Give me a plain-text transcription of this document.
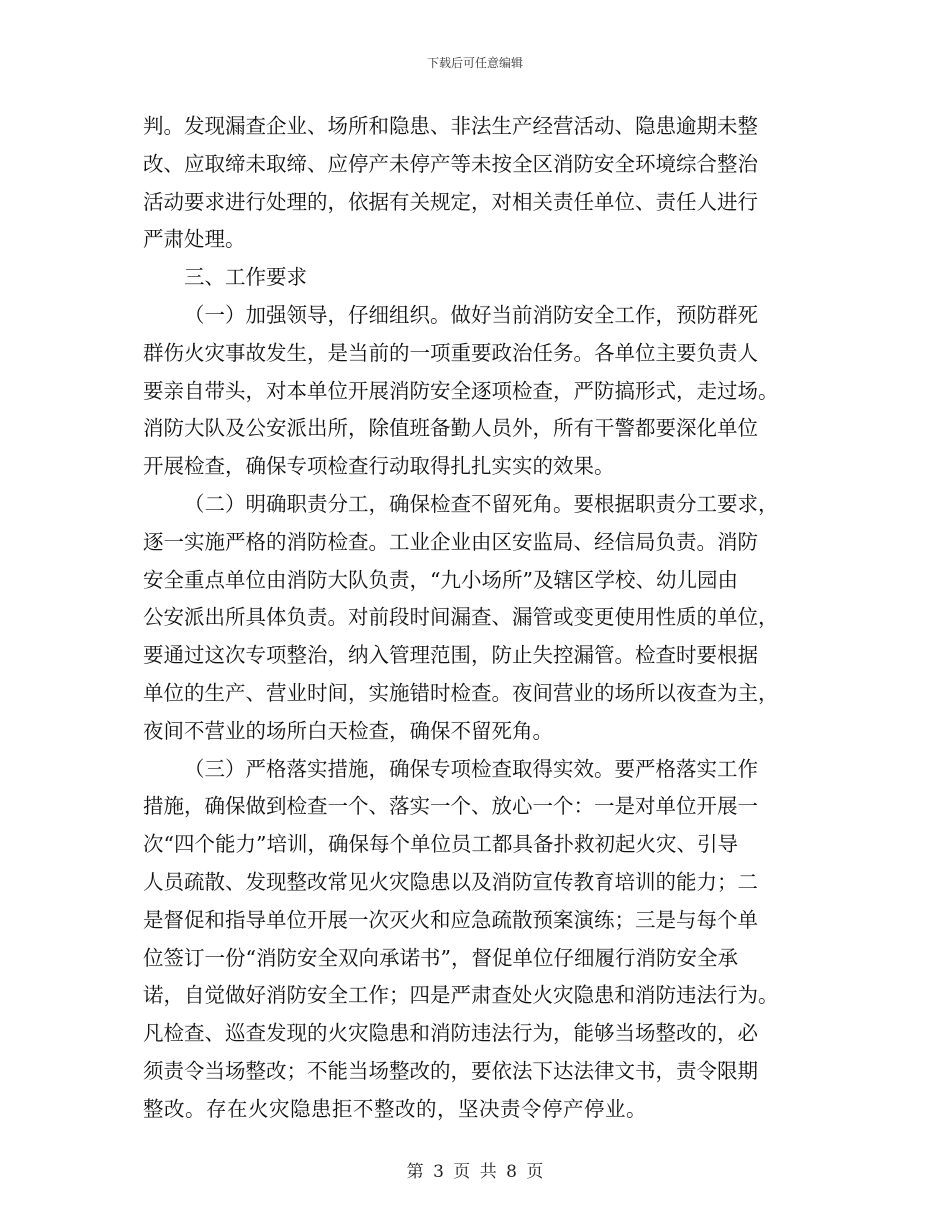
下载后可任意编辑
判。发现漏查企业、场所和隐患、非法生产经营活动、隐患逾期未整
改、应取缔未取缔、应停产未停产等未按全区消防安全环境综合整治
活动要求进行处理的，依据有关规定，对相关责任单位、责任人进行
严肃处理。
三、工作要求
（一）加强领导，仔细组织。做好当前消防安全工作，预防群死
群伤火灾事故发生，是当前的一项重要政治任务。各单位主要负责人
要亲自带头，对本单位开展消防安全逐项检查，严防搞形式，走过场。
消防大队及公安派出所，除值班备勤人员外，所有干警都要深化单位
开展检查，确保专项检查行动取得扎扎实实的效果。
（二）明确职责分工，确保检查不留死角。要根据职责分工要求，
逐一实施严格的消防检查。工业企业由区安监局、经信局负责。消防
安全重点单位由消防大队负责，“九小场所”及辖区学校、幼儿园由
公安派出所具体负责。对前段时间漏查、漏管或变更使用性质的单位，
要通过这次专项整治，纳入管理范围，防止失控漏管。检查时要根据
单位的生产、营业时间，实施错时检查。夜间营业的场所以夜查为主，
夜间不营业的场所白天检查，确保不留死角。
（三）严格落实措施，确保专项检查取得实效。要严格落实工作
措施，确保做到检查一个、落实一个、放心一个：一是对单位开展一
次“四个能力”培训，确保每个单位员工都具备扑救初起火灾、引导
人员疏散、发现整改常见火灾隐患以及消防宣传教育培训的能力；二
是督促和指导单位开展一次灭火和应急疏散预案演练；三是与每个单
位签订一份“消防安全双向承诺书”，督促单位仔细履行消防安全承
诺，自觉做好消防安全工作；四是严肃查处火灾隐患和消防违法行为。
凡检查、巡查发现的火灾隐患和消防违法行为，能够当场整改的，必
须责令当场整改；不能当场整改的，要依法下达法律文书，责令限期
整改。存在火灾隐患拒不整改的，坚决责令停产停业。
第 3 页 共 8 页
